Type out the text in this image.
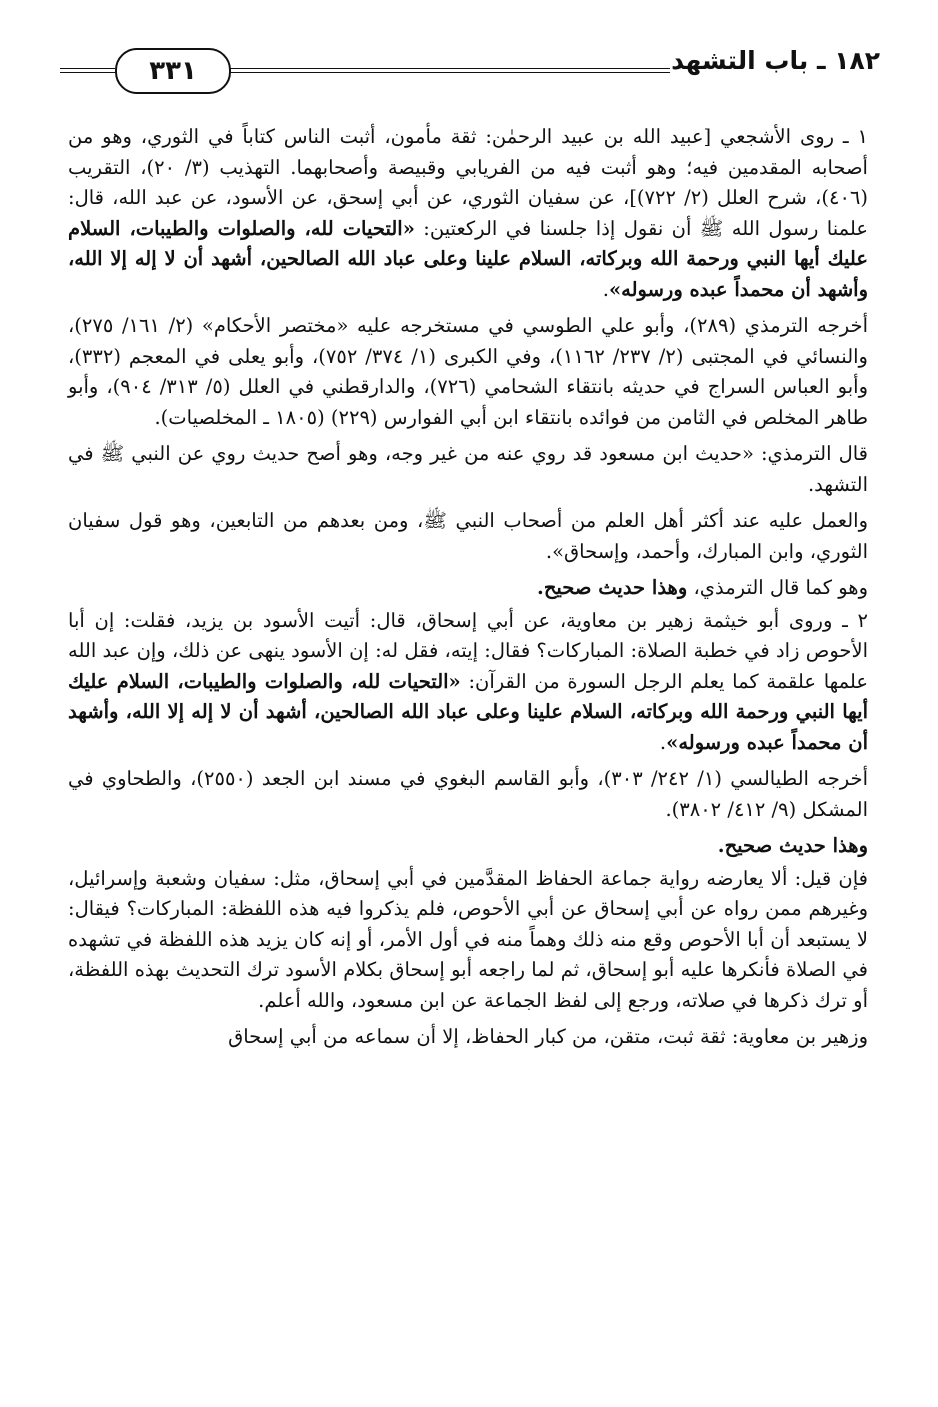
١٨٢ ـ باب التشهد
٣٣١

١ ـ روى الأشجعي [عبيد الله بن عبيد الرحمٰن: ثقة مأمون، أثبت الناس كتاباً في الثوري، وهو من أصحابه المقدمين فيه؛ وهو أثبت فيه من الفريابي وقبيصة وأصحابهما. التهذيب (٣/ ٢٠)، التقريب (٤٠٦)، شرح العلل (٢/ ٧٢٢)]، عن سفيان الثوري، عن أبي إسحق، عن الأسود، عن عبد الله، قال: علمنا رسول الله ﷺ أن نقول إذا جلسنا في الركعتين: «التحيات لله، والصلوات والطيبات، السلام عليك أيها النبي ورحمة الله وبركاته، السلام علينا وعلى عباد الله الصالحين، أشهد أن لا إله إلا الله، وأشهد أن محمداً عبده ورسوله».

أخرجه الترمذي (٢٨٩)، وأبو علي الطوسي في مستخرجه عليه «مختصر الأحكام» (٢/ ١٦١/ ٢٧٥)، والنسائي في المجتبى (٢/ ٢٣٧/ ١١٦٢)، وفي الكبرى (١/ ٣٧٤/ ٧٥٢)، وأبو يعلى في المعجم (٣٣٢)، وأبو العباس السراج في حديثه بانتقاء الشحامي (٧٢٦)، والدارقطني في العلل (٥/ ٣١٣/ ٩٠٤)، وأبو طاهر المخلص في الثامن من فوائده بانتقاء ابن أبي الفوارس (٢٢٩) (١٨٠٥ ـ المخلصيات).

قال الترمذي: «حديث ابن مسعود قد روي عنه من غير وجه، وهو أصح حديث روي عن النبي ﷺ في التشهد.

والعمل عليه عند أكثر أهل العلم من أصحاب النبي ﷺ، ومن بعدهم من التابعين، وهو قول سفيان الثوري، وابن المبارك، وأحمد، وإسحاق».

وهو كما قال الترمذي، وهذا حديث صحيح.

٢ ـ وروى أبو خيثمة زهير بن معاوية، عن أبي إسحاق، قال: أتيت الأسود بن يزيد، فقلت: إن أبا الأحوص زاد في خطبة الصلاة: المباركات؟ فقال: إيته، فقل له: إن الأسود ينهى عن ذلك، وإن عبد الله علمها علقمة كما يعلم الرجل السورة من القرآن: «التحيات لله، والصلوات والطيبات، السلام عليك أيها النبي ورحمة الله وبركاته، السلام علينا وعلى عباد الله الصالحين، أشهد أن لا إله إلا الله، وأشهد أن محمداً عبده ورسوله».

أخرجه الطيالسي (١/ ٢٤٢/ ٣٠٣)، وأبو القاسم البغوي في مسند ابن الجعد (٢٥٥٠)، والطحاوي في المشكل (٩/ ٤١٢/ ٣٨٠٢).

وهذا حديث صحيح.

فإن قيل: ألا يعارضه رواية جماعة الحفاظ المقدَّمين في أبي إسحاق، مثل: سفيان وشعبة وإسرائيل، وغيرهم ممن رواه عن أبي إسحاق عن أبي الأحوص، فلم يذكروا فيه هذه اللفظة: المباركات؟ فيقال: لا يستبعد أن أبا الأحوص وقع منه ذلك وهماً منه في أول الأمر، أو إنه كان يزيد هذه اللفظة في تشهده في الصلاة فأنكرها عليه أبو إسحاق، ثم لما راجعه أبو إسحاق بكلام الأسود ترك التحديث بهذه اللفظة، أو ترك ذكرها في صلاته، ورجع إلى لفظ الجماعة عن ابن مسعود، والله أعلم.

وزهير بن معاوية: ثقة ثبت، متقن، من كبار الحفاظ، إلا أن سماعه من أبي إسحاق
